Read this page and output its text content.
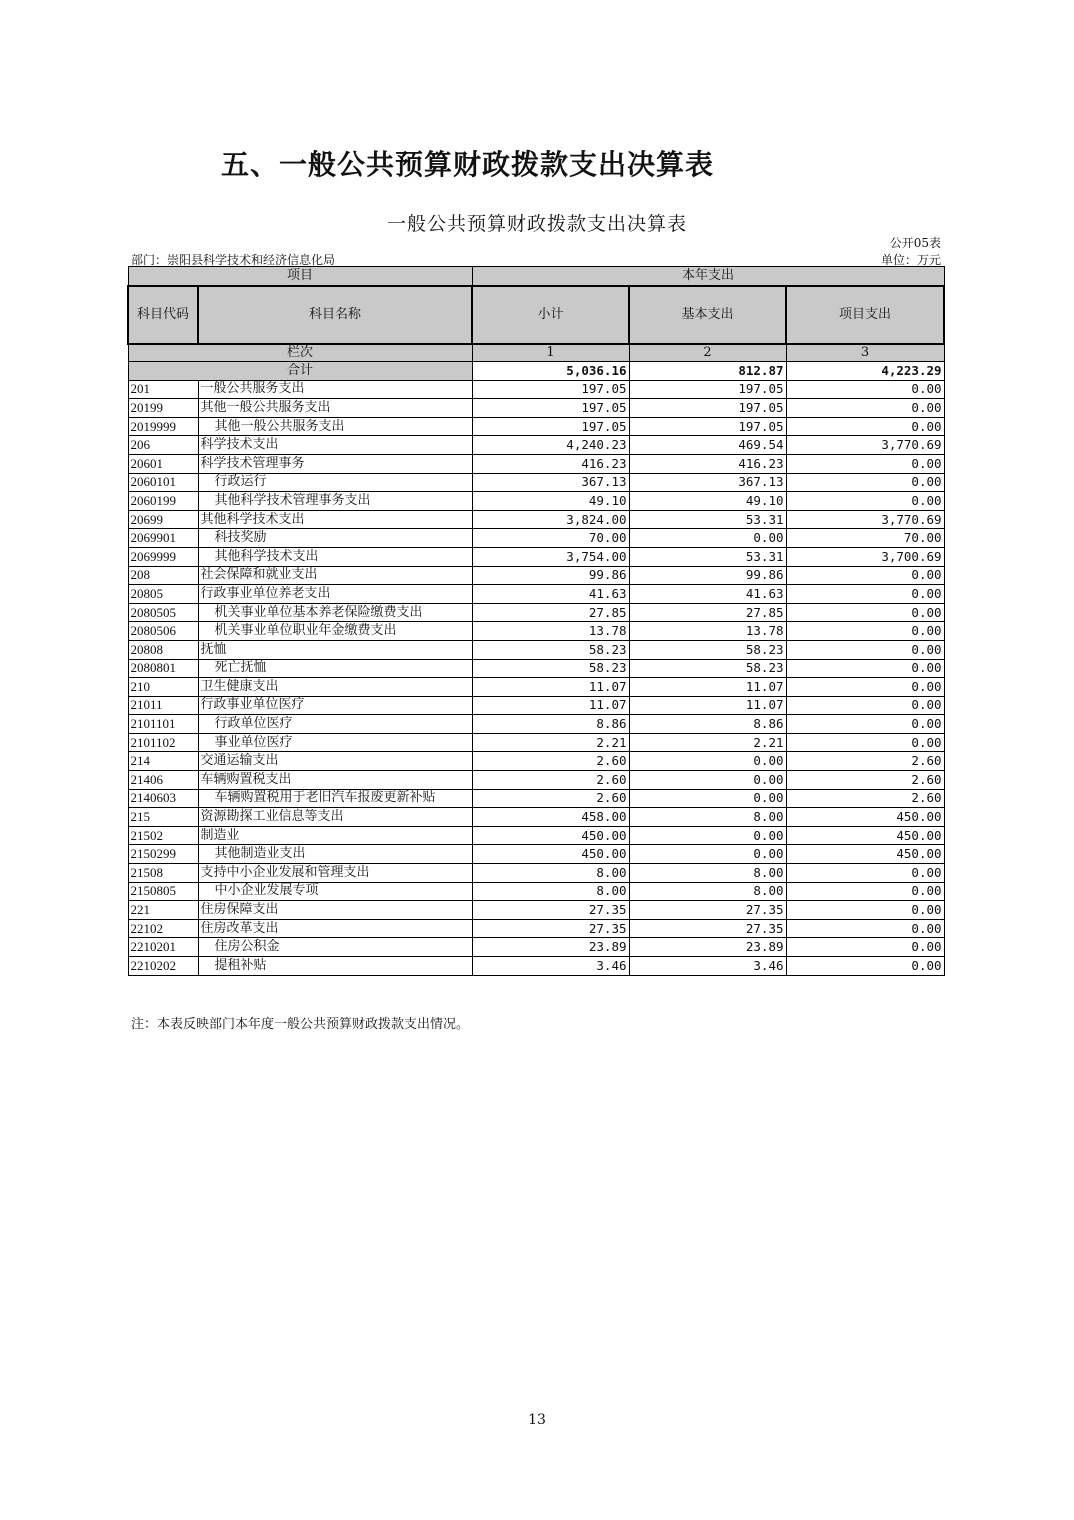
五、一般公共预算财政拨款支出决算表
一般公共预算财政拨款支出决算表
公开05表
部门：崇阳县科学技术和经济信息化局	单位：万元
项目		本年支出		
科目代码	科目名称	小计	基本支出	项目支出
栏次		1	2	3
合计		5,036.16	812.87	4,223.29
201	一般公共服务支出	197.05	197.05	0.00
20199	其他一般公共服务支出	197.05	197.05	0.00
2019999	其他一般公共服务支出	197.05	197.05	0.00
206	科学技术支出	4,240.23	469.54	3,770.69
20601	科学技术管理事务	416.23	416.23	0.00
2060101	行政运行	367.13	367.13	0.00
2060199	其他科学技术管理事务支出	49.10	49.10	0.00
20699	其他科学技术支出	3,824.00	53.31	3,770.69
2069901	科技奖励	70.00	0.00	70.00
2069999	其他科学技术支出	3,754.00	53.31	3,700.69
208	社会保障和就业支出	99.86	99.86	0.00
20805	行政事业单位养老支出	41.63	41.63	0.00
2080505	机关事业单位基本养老保险缴费支出	27.85	27.85	0.00
2080506	机关事业单位职业年金缴费支出	13.78	13.78	0.00
20808	抚恤	58.23	58.23	0.00
2080801	死亡抚恤	58.23	58.23	0.00
210	卫生健康支出	11.07	11.07	0.00
21011	行政事业单位医疗	11.07	11.07	0.00
2101101	行政单位医疗	8.86	8.86	0.00
2101102	事业单位医疗	2.21	2.21	0.00
214	交通运输支出	2.60	0.00	2.60
21406	车辆购置税支出	2.60	0.00	2.60
2140603	车辆购置税用于老旧汽车报废更新补贴	2.60	0.00	2.60
215	资源勘探工业信息等支出	458.00	8.00	450.00
21502	制造业	450.00	0.00	450.00
2150299	其他制造业支出	450.00	0.00	450.00
21508	支持中小企业发展和管理支出	8.00	8.00	0.00
2150805	中小企业发展专项	8.00	8.00	0.00
221	住房保障支出	27.35	27.35	0.00
22102	住房改革支出	27.35	27.35	0.00
2210201	住房公积金	23.89	23.89	0.00
2210202	提租补贴	3.46	3.46	0.00
注：本表反映部门本年度一般公共预算财政拨款支出情况。
13
